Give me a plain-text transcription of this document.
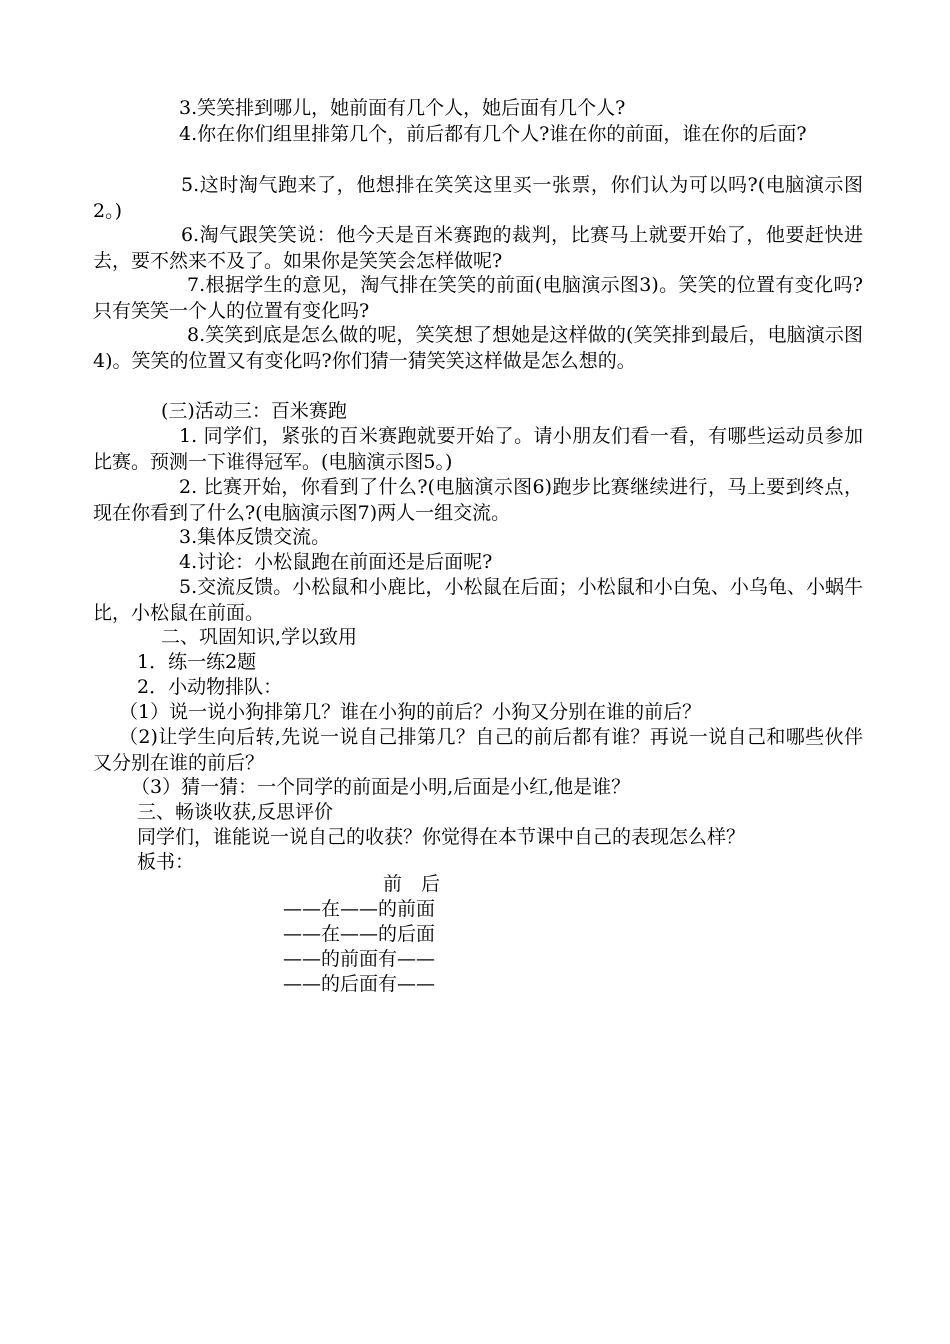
3.笑笑排到哪儿，她前面有几个人，她后面有几个人?

4.你在你们组里排第几个，前后都有几个人?谁在你的前面，谁在你的后面?

5.这时淘气跑来了，他想排在笑笑这里买一张票，你们认为可以吗?(电脑演示图2。)

6.淘气跟笑笑说：他今天是百米赛跑的裁判，比赛马上就要开始了，他要赶快进去，要不然来不及了。如果你是笑笑会怎样做呢?

7.根据学生的意见，淘气排在笑笑的前面(电脑演示图3)。笑笑的位置有变化吗?只有笑笑一个人的位置有变化吗?

8.笑笑到底是怎么做的呢，笑笑想了想她是这样做的(笑笑排到最后，电脑演示图4)。笑笑的位置又有变化吗?你们猜一猜笑笑这样做是怎么想的。

(三)活动三：百米赛跑

1. 同学们，紧张的百米赛跑就要开始了。请小朋友们看一看，有哪些运动员参加比赛。预测一下谁得冠军。(电脑演示图5。)

2. 比赛开始，你看到了什么?(电脑演示图6)跑步比赛继续进行，马上要到终点，现在你看到了什么?(电脑演示图7)两人一组交流。

3.集体反馈交流。

4.讨论：小松鼠跑在前面还是后面呢?

5.交流反馈。小松鼠和小鹿比，小松鼠在后面；小松鼠和小白兔、小乌龟、小蜗牛比，小松鼠在前面。

二、巩固知识,学以致用

1．练一练2题

2．小动物排队：

（1）说一说小狗排第几？谁在小狗的前后？小狗又分别在谁的前后？

（2)让学生向后转,先说一说自己排第几？自己的前后都有谁？再说一说自己和哪些伙伴又分别在谁的前后？

（3）猜一猜：一个同学的前面是小明,后面是小红,他是谁？

三、畅谈收获,反思评价

同学们，谁能说一说自己的收获？你觉得在本节课中自己的表现怎么样？

板书：

前　后

——在——的前面

——在——的后面

——的前面有——

——的后面有——
